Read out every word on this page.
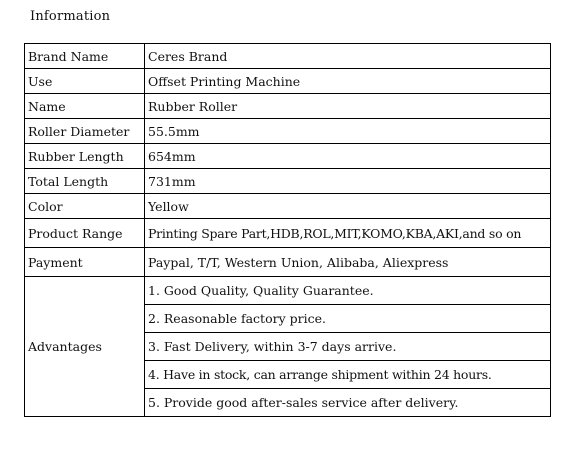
Information
Brand Name	Ceres Brand
Use	Offset Printing Machine
Name	Rubber Roller
Roller Diameter	55.5mm
Rubber Length	654mm
Total Length	731mm
Color	Yellow
Product Range	Printing Spare Part,HDB,ROL,MIT,KOMO,KBA,AKI,and so on
Payment	Paypal, T/T, Western Union, Alibaba, Aliexpress
Advantages	1. Good Quality, Quality Guarantee.
	2. Reasonable factory price.
	3. Fast Delivery, within 3-7 days arrive.
	4. Have in stock, can arrange shipment within 24 hours.
	5. Provide good after-sales service after delivery.
